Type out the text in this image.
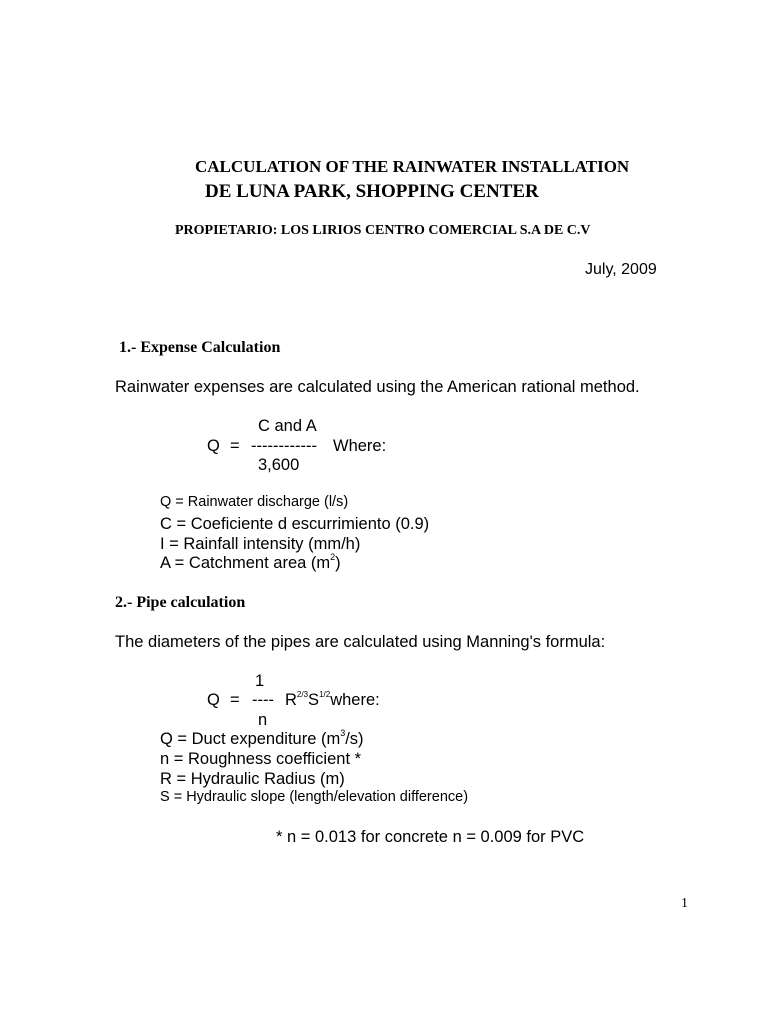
CALCULATION OF THE RAINWATER INSTALLATION
DE LUNA PARK, SHOPPING CENTER
PROPIETARIO: LOS LIRIOS CENTRO COMERCIAL S.A DE C.V
July, 2009
1.- Expense Calculation
Rainwater expenses are calculated using the American rational method.
C and A
Q = ------------ Where:
3,600
Q = Rainwater discharge (l/s)
C = Coeficiente d escurrimiento (0.9)
I = Rainfall intensity (mm/h)
A = Catchment area $(m^2)$
2.- Pipe calculation
The diameters of the pipes are calculated using Manning's formula:
1
Q = ---- $R^{2/3}S^{1/2}where$:
n
Q = Duct expenditure $(m^3/s)$
n = Roughness coefficient *
R = Hydraulic Radius (m)
S = Hydraulic slope (length/elevation difference)
* n = 0.013 for concrete n = 0.009 for PVC
1
